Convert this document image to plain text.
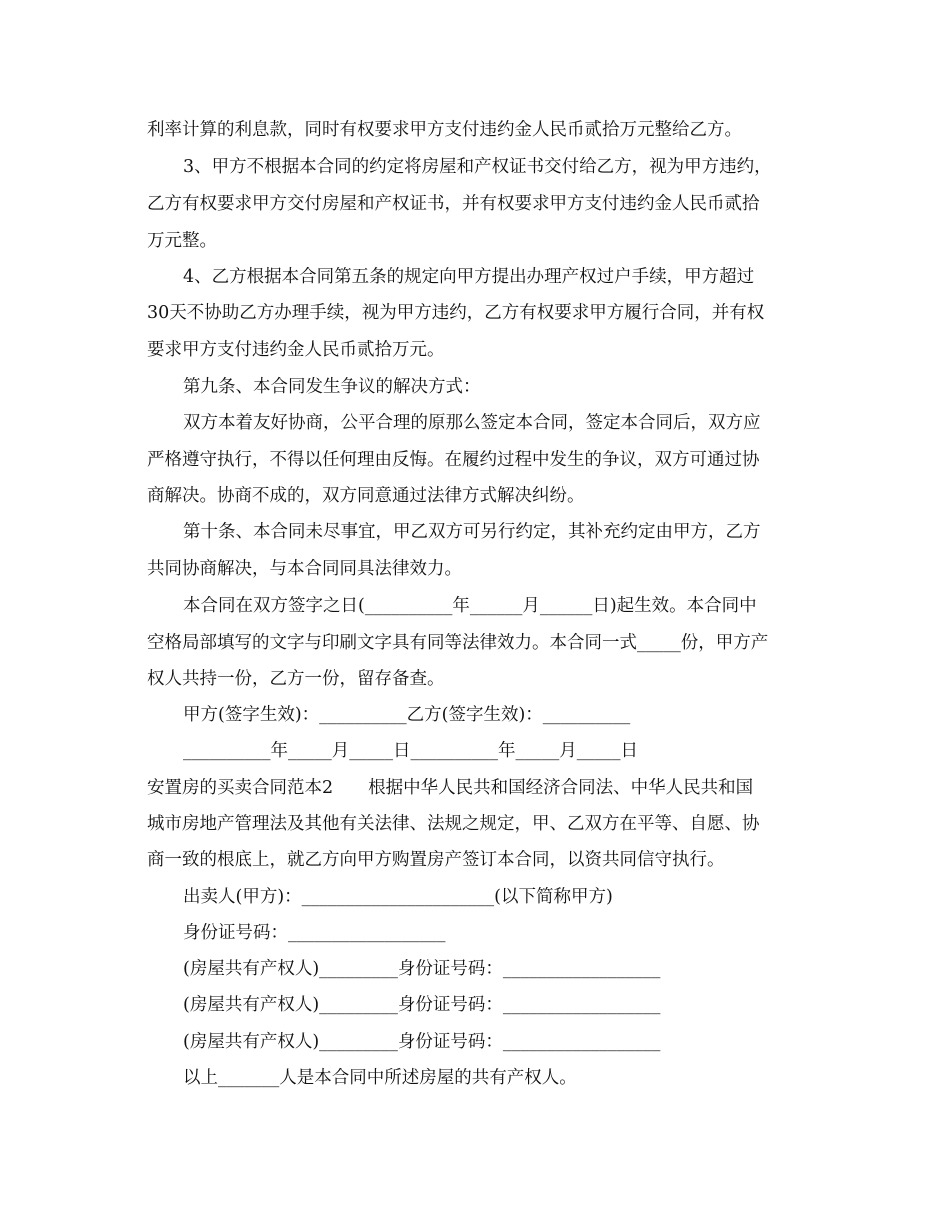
利率计算的利息款，同时有权要求甲方支付违约金人民币贰拾万元整给乙方。
3、甲方不根据本合同的约定将房屋和产权证书交付给乙方，视为甲方违约，
乙方有权要求甲方交付房屋和产权证书，并有权要求甲方支付违约金人民币贰拾
万元整。
4、乙方根据本合同第五条的规定向甲方提出办理产权过户手续，甲方超过
30天不协助乙方办理手续，视为甲方违约，乙方有权要求甲方履行合同，并有权
要求甲方支付违约金人民币贰拾万元。
第九条、本合同发生争议的解决方式：
双方本着友好协商，公平合理的原那么签定本合同，签定本合同后，双方应
严格遵守执行，不得以任何理由反悔。在履约过程中发生的争议，双方可通过协
商解决。协商不成的，双方同意通过法律方式解决纠纷。
第十条、本合同未尽事宜，甲乙双方可另行约定，其补充约定由甲方，乙方
共同协商解决，与本合同同具法律效力。
本合同在双方签字之日(__________年______月______日)起生效。本合同中
空格局部填写的文字与印刷文字具有同等法律效力。本合同一式_____份，甲方产
权人共持一份，乙方一份，留存备查。
甲方(签字生效)：__________乙方(签字生效)：__________
__________年_____月_____日__________年_____月_____日
安置房的买卖合同范本2　　根据中华人民共和国经济合同法、中华人民共和国
城市房地产管理法及其他有关法律、法规之规定，甲、乙双方在平等、自愿、协
商一致的根底上，就乙方向甲方购置房产签订本合同，以资共同信守执行。
出卖人(甲方)：______________________(以下简称甲方)
身份证号码：__________________
(房屋共有产权人)_________身份证号码：__________________
(房屋共有产权人)_________身份证号码：__________________
(房屋共有产权人)_________身份证号码：__________________
以上_______人是本合同中所述房屋的共有产权人。
